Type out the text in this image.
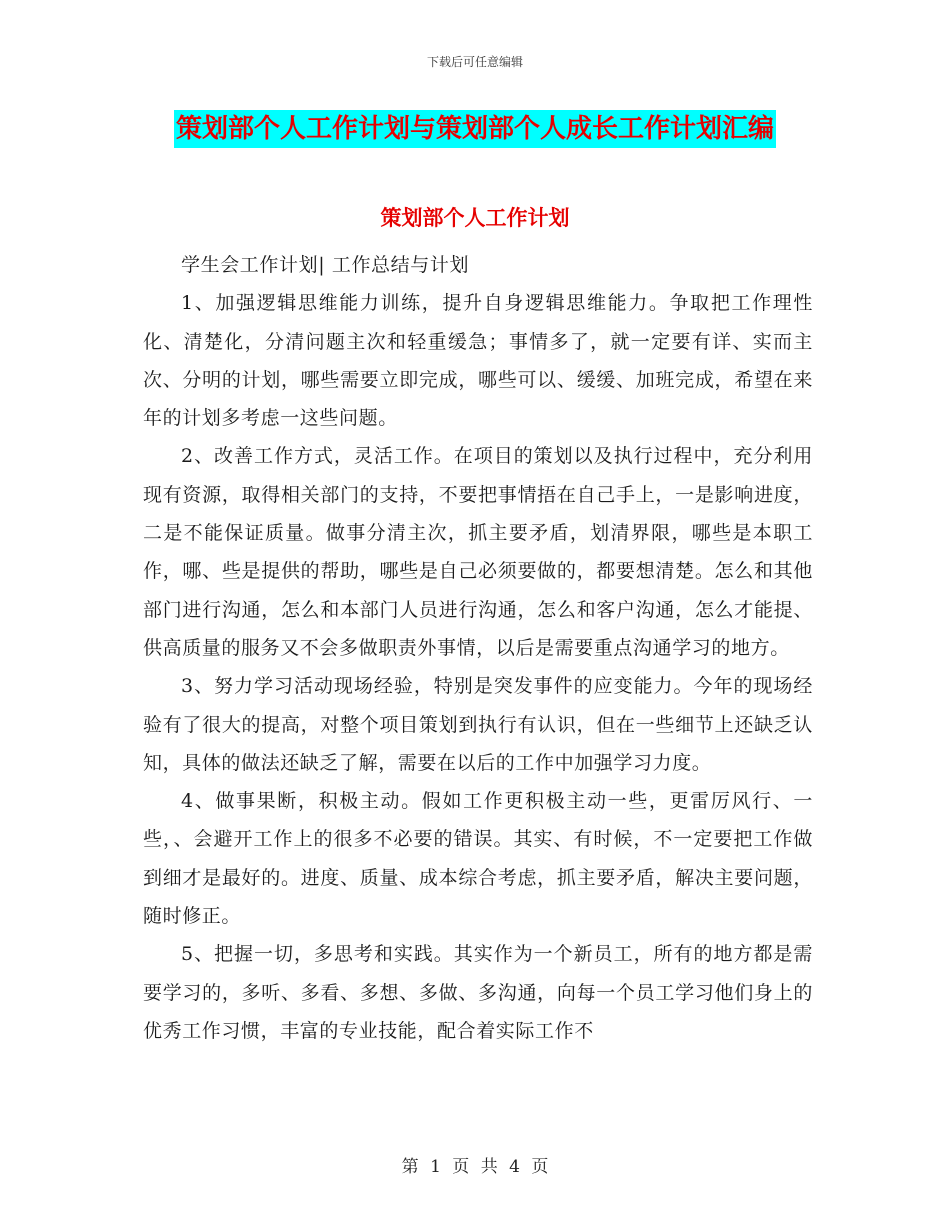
下载后可任意编辑
策划部个人工作计划与策划部个人成长工作计划汇编
策划部个人工作计划

学生会工作计划| 工作总结与计划

1、加强逻辑思维能力训练，提升自身逻辑思维能力。争取把工作理性化、清楚化，分清问题主次和轻重缓急；事情多了，就一定要有详、实而主次、分明的计划，哪些需要立即完成，哪些可以、缓缓、加班完成，希望在来年的计划多考虑一这些问题。

2、改善工作方式，灵活工作。在项目的策划以及执行过程中，充分利用现有资源，取得相关部门的支持，不要把事情捂在自己手上，一是影响进度，二是不能保证质量。做事分清主次，抓主要矛盾，划清界限，哪些是本职工作，哪、些是提供的帮助，哪些是自己必须要做的，都要想清楚。怎么和其他部门进行沟通，怎么和本部门人员进行沟通，怎么和客户沟通，怎么才能提、供高质量的服务又不会多做职责外事情，以后是需要重点沟通学习的地方。

3、努力学习活动现场经验，特别是突发事件的应变能力。今年的现场经验有了很大的提高，对整个项目策划到执行有认识，但在一些细节上还缺乏认知，具体的做法还缺乏了解，需要在以后的工作中加强学习力度。

4、做事果断，积极主动。假如工作更积极主动一些，更雷厉风行、一些，、会避开工作上的很多不必要的错误。其实、有时候，不一定要把工作做到细才是最好的。进度、质量、成本综合考虑，抓主要矛盾，解决主要问题，随时修正。

5、把握一切，多思考和实践。其实作为一个新员工，所有的地方都是需要学习的，多听、多看、多想、多做、多沟通，向每一个员工学习他们身上的优秀工作习惯，丰富的专业技能，配合着实际工作不

第 1 页 共 4 页
